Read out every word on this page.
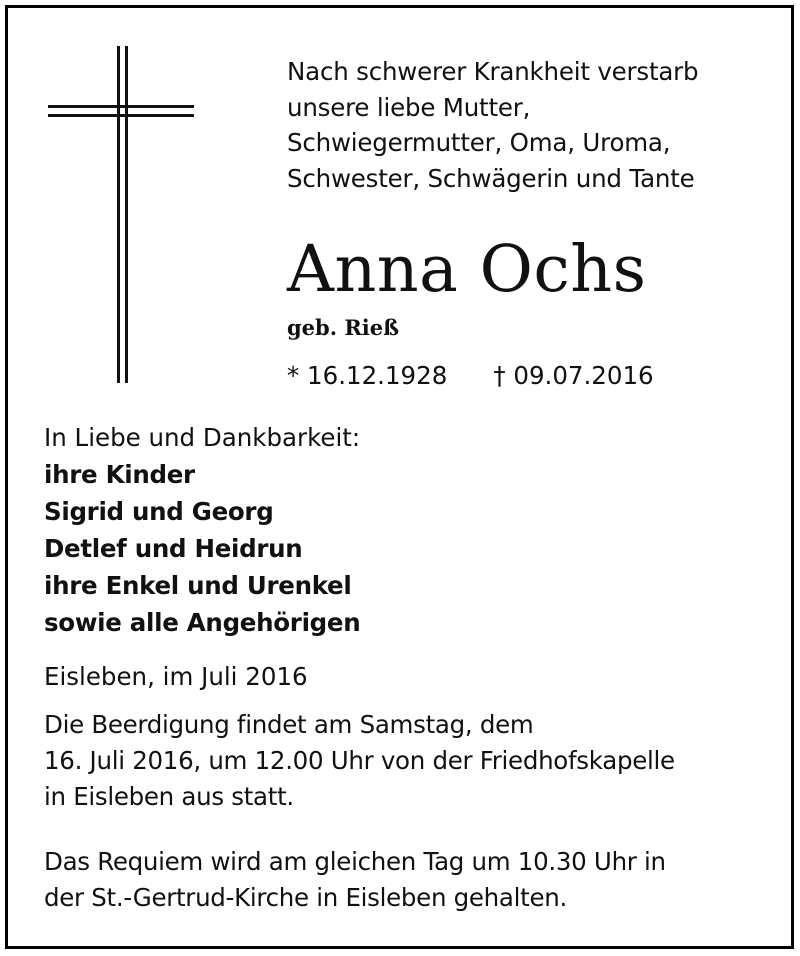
Nach schwerer Krankheit verstarb
unsere liebe Mutter,
Schwiegermutter, Oma, Uroma,
Schwester, Schwägerin und Tante
Anna Ochs
geb. Rieß
* 16.12.1928 † 09.07.2016
In Liebe und Dankbarkeit:
ihre Kinder
Sigrid und Georg
Detlef und Heidrun
ihre Enkel und Urenkel
sowie alle Angehörigen
Eisleben, im Juli 2016
Die Beerdigung findet am Samstag, dem
16. Juli 2016, um 12.00 Uhr von der Friedhofskapelle
in Eisleben aus statt.
Das Requiem wird am gleichen Tag um 10.30 Uhr in
der St.-Gertrud-Kirche in Eisleben gehalten.
